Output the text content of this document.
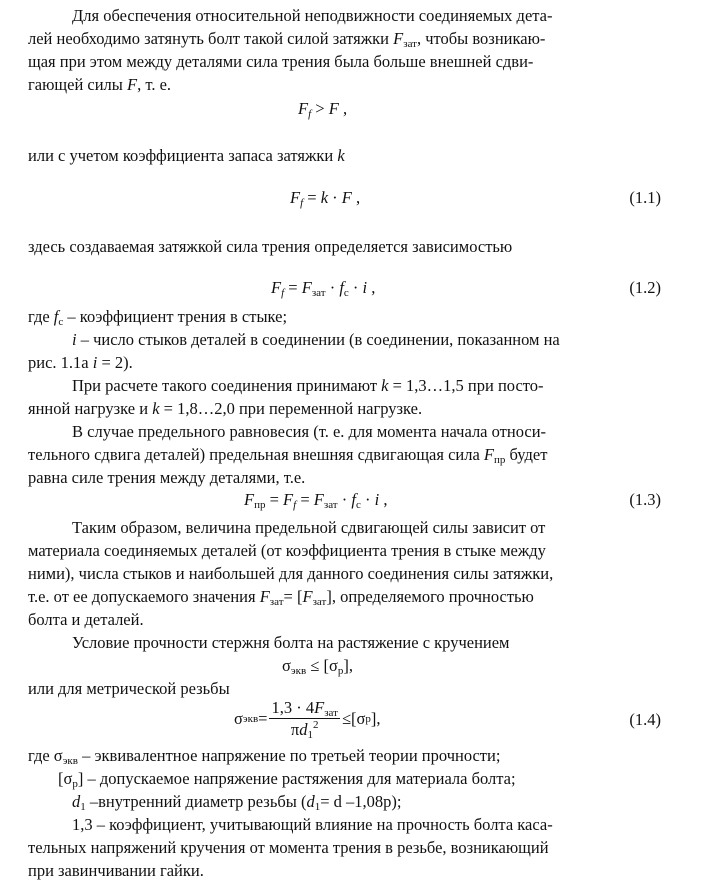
Для обеспечения относительной неподвижности соединяемых дета-
лей необходимо затянуть болт такой силой затяжки $F_{зат}$, чтобы возникаю-
щая при этом между деталями сила трения была больше внешней сдви-
гающей силы F, т. е.
$F_f > F$ ,
или с учетом коэффициента запаса затяжки k
$F_f = k \cdot F$ ,	(1.1)
здесь создаваемая затяжкой сила трения определяется зависимостью
$F_f = F_{зат} \cdot f_с \cdot i$ ,	(1.2)
где $f_с$ – коэффициент трения в стыке;
i – число стыков деталей в соединении (в соединении, показанном на
рис. 1.1а i = 2).
При расчете такого соединения принимают k = 1,3…1,5 при посто-
янной нагрузке и k = 1,8…2,0 при переменной нагрузке.
В случае предельного равновесия (т. е. для момента начала относи-
тельного сдвига деталей) предельная внешняя сдвигающая сила $F_{пр}$ будет
равна силе трения между деталями, т.е.
$F_{пр} = F_f = F_{зат} \cdot f_с \cdot i$ ,	(1.3)
Таким образом, величина предельной сдвигающей силы зависит от
материала соединяемых деталей (от коэффициента трения в стыке между
ними), числа стыков и наибольшей для данного соединения силы затяжки,
т.е. от ее допускаемого значения $F_{зат}= [F_{зат}]$, определяемого прочностью
болта и деталей.
Условие прочности стержня болта на растяжение с кручением
$\sigma_{экв} \le [\sigma_р]$,
или для метрической резьбы
σ экв = $\frac{1,3 \cdot 4F_{зат}}{\pi d_1^2} \le[\sigma$ р ],	(1.4)
где $\sigma_{экв}$ – эквивалентное напряжение по третьей теории прочности;
$[\sigma_р]$ – допускаемое напряжение растяжения для материала болта;
$d_1$ –внутренний диаметр резьбы ($d_1= d$ –1,08p);
1,3 – коэффициент, учитывающий влияние на прочность болта каса-
тельных напряжений кручения от момента трения в резьбе, возникающий
при завинчивании гайки.
